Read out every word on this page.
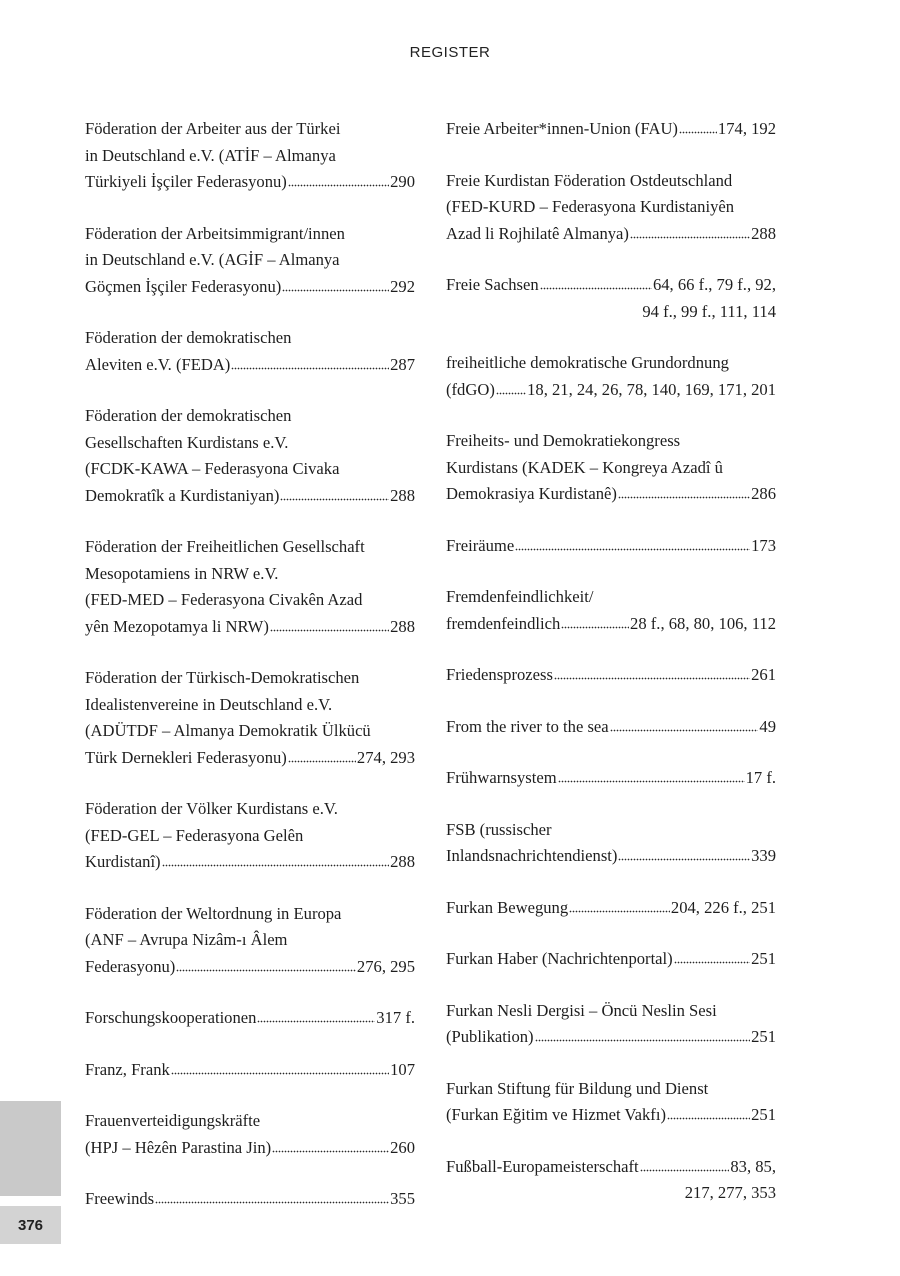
REGISTER
Föderation der Arbeiter aus der Türkei
in Deutschland e.V. (ATİF – Almanya
Türkiyeli İşçiler Federasyonu)	290
Föderation der Arbeitsimmigrant/innen
in Deutschland e.V. (AGİF – Almanya
Göçmen İşçiler Federasyonu)	292
Föderation der demokratischen
Aleviten e.V. (FEDA)	287
Föderation der demokratischen
Gesellschaften Kurdistans e.V.
(FCDK-KAWA – Federasyona Civaka
Demokratîk a Kurdistaniyan)	288
Föderation der Freiheitlichen Gesellschaft
Mesopotamiens in NRW e.V.
(FED-MED – Federasyona Civakên Azad
yên Mezopotamya li NRW)	288
Föderation der Türkisch-Demokratischen
Idealistenvereine in Deutschland e.V.
(ADÜTDF – Almanya Demokratik Ülkücü
Türk Dernekleri Federasyonu)	274, 293
Föderation der Völker Kurdistans e.V.
(FED-GEL – Federasyona Gelên
Kurdistanî)	288
Föderation der Weltordnung in Europa
(ANF – Avrupa Nizâm-ı Âlem
Federasyonu)	276, 295
Forschungskooperationen	317 f.
Franz, Frank	107
Frauenverteidigungskräfte
(HPJ – Hêzên Parastina Jin)	260
Freewinds	355
Freie Arbeiter*innen-Union (FAU) 174, 192
Freie Kurdistan Föderation Ostdeutschland
(FED-KURD – Federasyona Kurdistaniyên
Azad li Rojhilatê Almanya)	288
Freie Sachsen	64, 66 f., 79 f., 92,
94 f., 99 f., 111, 114
freiheitliche demokratische Grundordnung
(fdGO) 18, 21, 24, 26, 78, 140, 169, 171, 201
Freiheits- und Demokratiekongress
Kurdistans (KADEK – Kongreya Azadî û
Demokrasiya Kurdistanê)	286
Freiräume	173
Fremdenfeindlichkeit/
fremdenfeindlich	28 f., 68, 80, 106, 112
Friedensprozess	261
From the river to the sea	49
Frühwarnsystem	17 f.
FSB (russischer
Inlandsnachrichtendienst)	339
Furkan Bewegung	204, 226 f., 251
Furkan Haber (Nachrichtenportal)	251
Furkan Nesli Dergisi – Öncü Neslin Sesi
(Publikation)	251
Furkan Stiftung für Bildung und Dienst
(Furkan Eğitim ve Hizmet Vakfı)	251
Fußball-Europameisterschaft	83, 85,
217, 277, 353
376
